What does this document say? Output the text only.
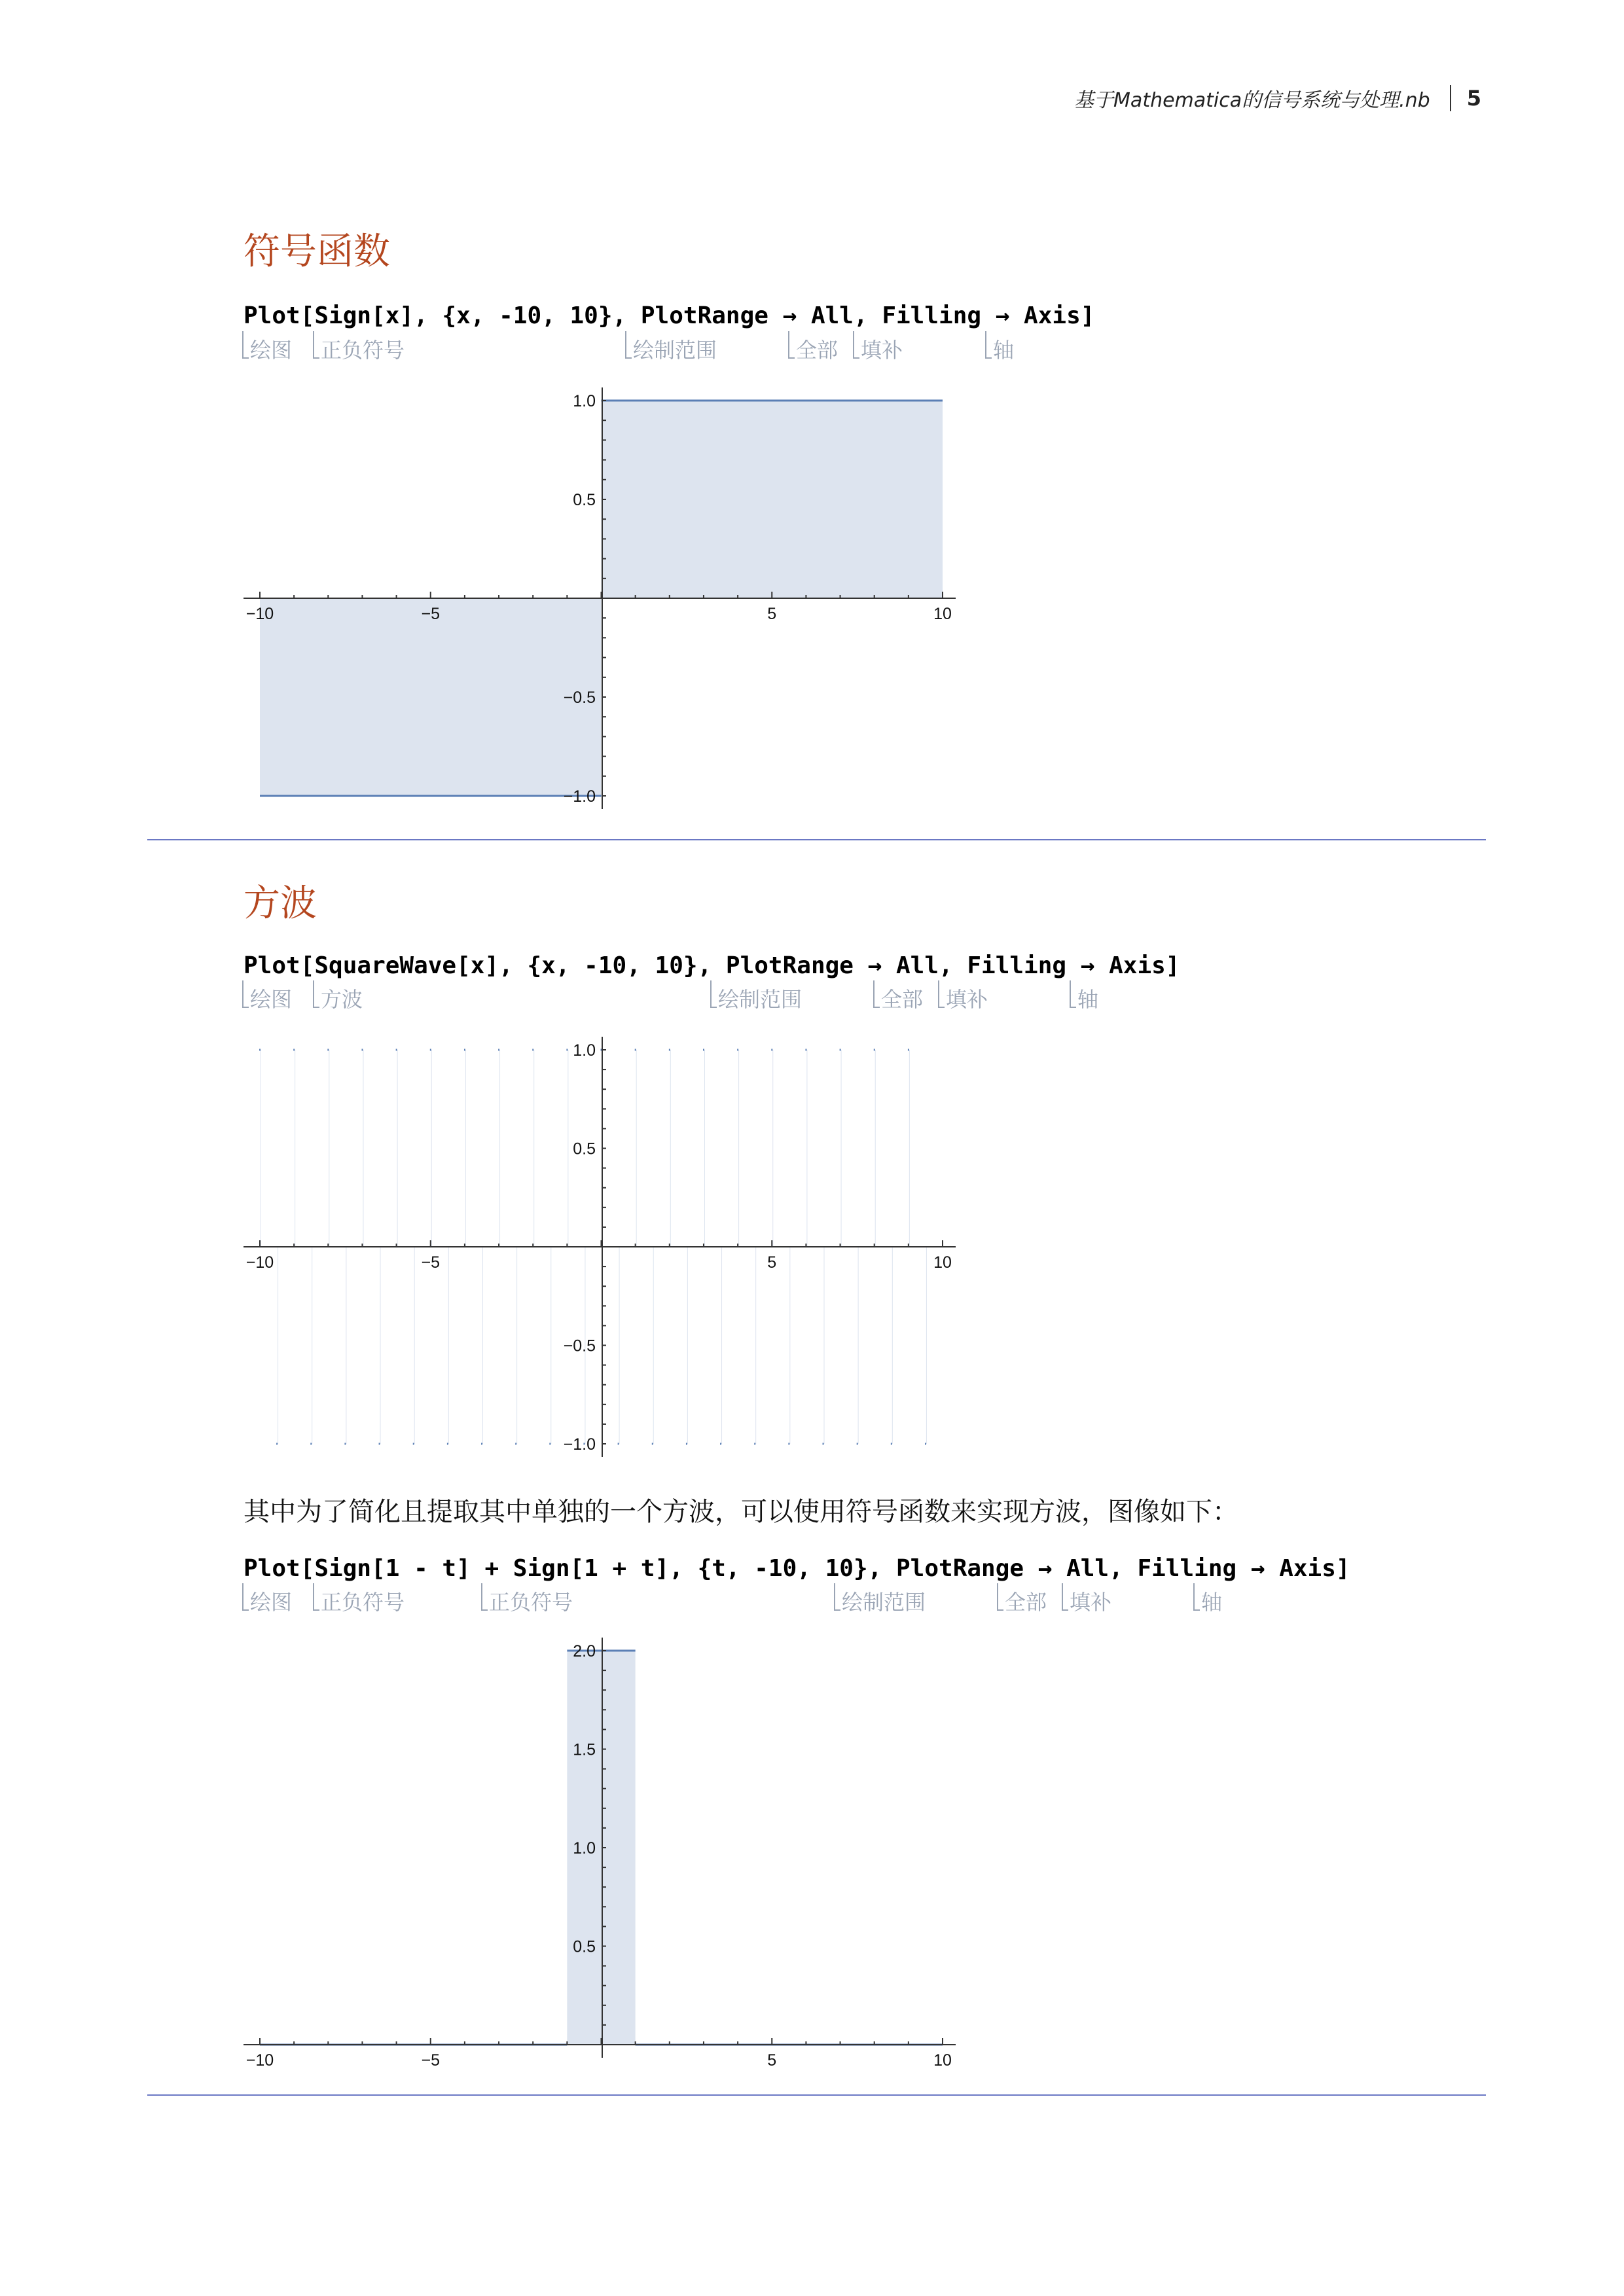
基于Mathematica的信号系统与处理.nb 5
符号函数
Plot[Sign[x], {x, -10, 10}, PlotRange → All, Filling → Axis]
绘图 正负符号	绘制范围	全部 填补	轴
−10	−5	5	10
1.0
0.5
−0.5
−1.0
−10	−5	5	10
1.0
0.5
−0.5
−1.0
−10	−5	5	10
2.0
1.5
1.0
0.5
方波
Plot[SquareWave[x], {x, -10, 10}, PlotRange → All, Filling → Axis]
绘图 方波	绘制范围	全部 填补	轴
其中为了简化且提取其中单独的一个方波，可以使用符号函数来实现方波，图像如下：
Plot[Sign[1 - t] + Sign[1 + t], {t, -10, 10}, PlotRange → All, Filling → Axis]
绘图 正负符号	正负符号	绘制范围	全部 填补	轴
